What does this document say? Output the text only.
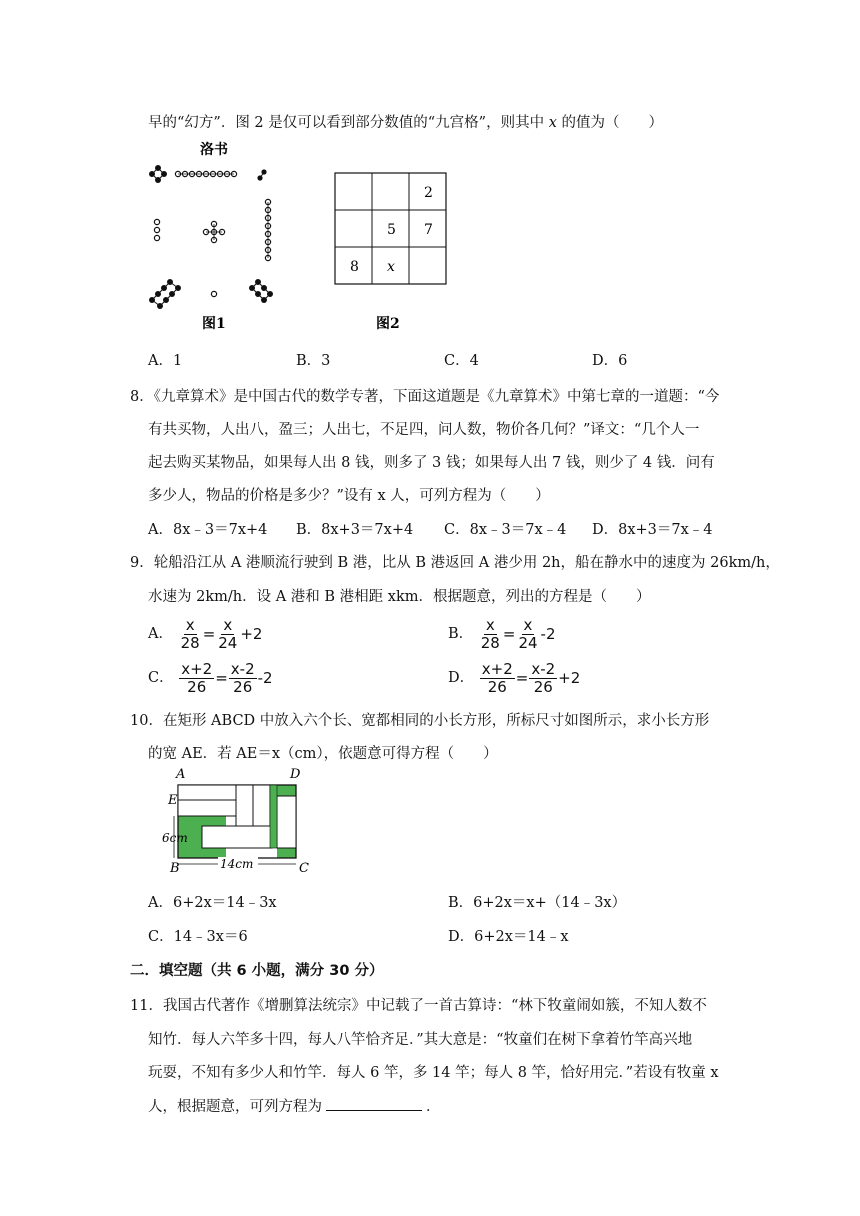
早的“幻方”．图 2 是仅可以看到部分数值的“九宫格”，则其中 x 的值为（　　）
洛书
图1
2
5 7
8 x
图2
A．1	B．3	C．4	D．6
8．《九章算术》是中国古代的数学专著，下面这道题是《九章算术》中第七章的一道题：“今
有共买物，人出八，盈三；人出七，不足四，问人数，物价各几何？”译文：“几个人一
起去购买某物品，如果每人出 8 钱，则多了 3 钱；如果每人出 7 钱，则少了 4 钱．问有
多少人，物品的价格是多少？”设有 x 人，可列方程为（　　）
A．8x﹣3＝7x+4 B．8x+3＝7x+4 C．8x﹣3＝7x﹣4 D．8x+3＝7x﹣4
9．轮船沿江从 A 港顺流行驶到 B 港，比从 B 港返回 A 港少用 2h，船在静水中的速度为 26km/h，
水速为 2km/h．设 A 港和 B 港相距 xkm．根据题意，列出的方程是（　　）
A． $\frac{x}{28} = \frac{x}{24} +2$	B． $\frac{x}{28} = \frac{x}{24} -2$
C． $\frac{x+2}{26} = \frac{x-2}{26} -2$	D． $\frac{x+2}{26} = \frac{x-2}{26} +2$
10．在矩形 ABCD 中放入六个长、宽都相同的小长方形，所标尺寸如图所示，求小长方形
的宽 AE．若 AE＝x（cm），依题意可得方程（　　）
A	D
E
B	C
6cm
14cm
A．6+2x＝14﹣3x	B．6+2x＝x+（14﹣3x）
C．14﹣3x＝6	D．6+2x＝14﹣x
二．填空题（共 6 小题，满分 30 分）
11．我国古代著作《增删算法统宗》中记载了一首古算诗：“林下牧童闹如簇，不知人数不
知竹．每人六竿多十四，每人八竿恰齐足．”其大意是：“牧童们在树下拿着竹竿高兴地
玩耍，不知有多少人和竹竿．每人 6 竿，多 14 竿；每人 8 竿，恰好用完．”若设有牧童 x
人，根据题意，可列方程为	．
